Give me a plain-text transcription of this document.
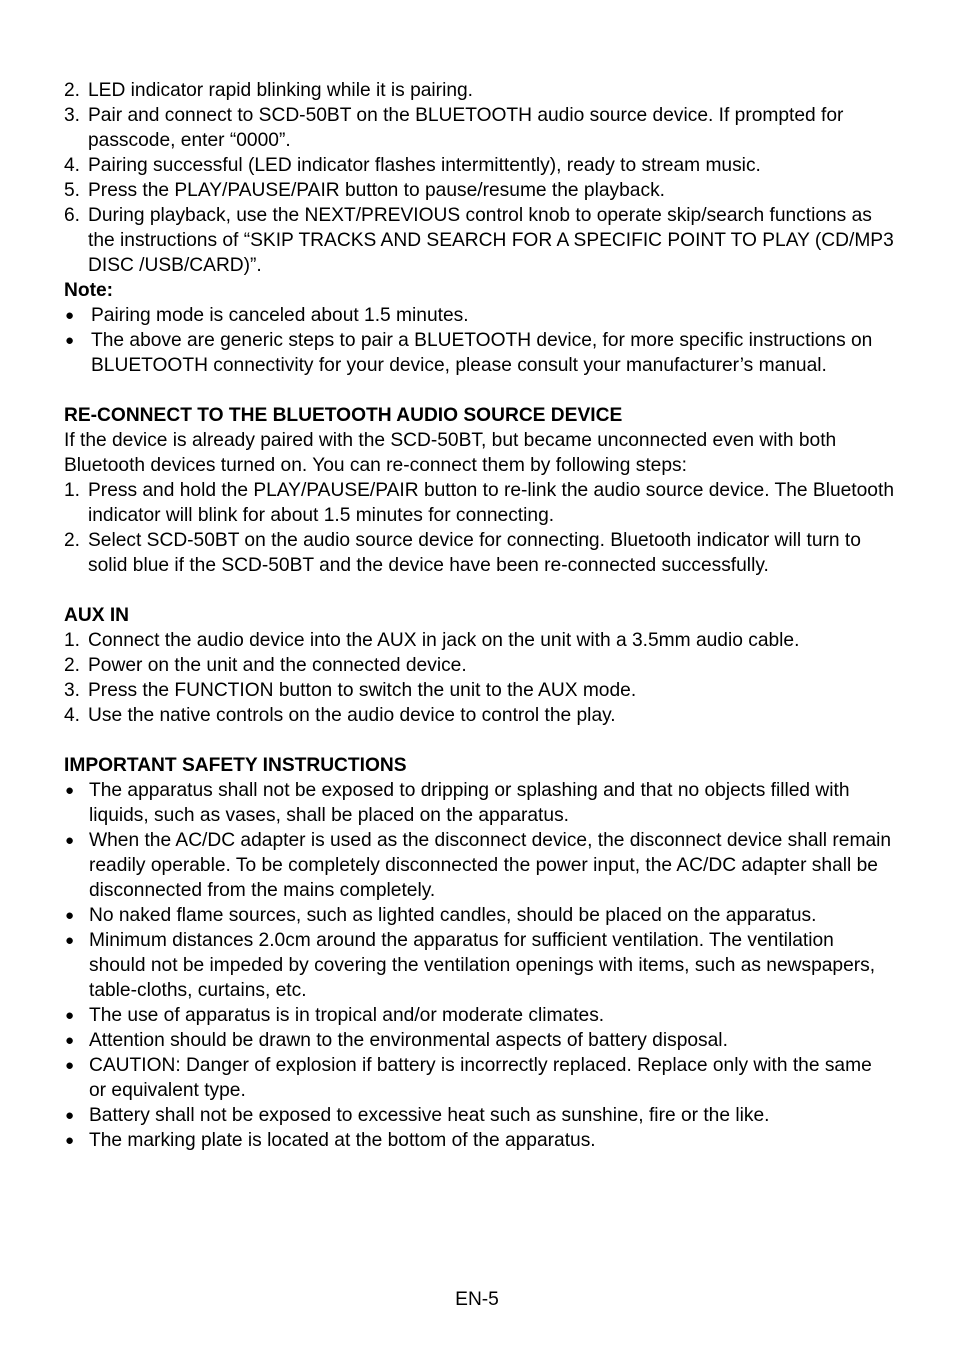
2. LED indicator rapid blinking while it is pairing.
3. Pair and connect to SCD-50BT on the BLUETOOTH audio source device. If prompted for passcode, enter “0000”.
4. Pairing successful (LED indicator flashes intermittently), ready to stream music.
5. Press the PLAY/PAUSE/PAIR button to pause/resume the playback.
6. During playback, use the NEXT/PREVIOUS control knob to operate skip/search functions as the instructions of “SKIP TRACKS AND SEARCH FOR A SPECIFIC POINT TO PLAY (CD/MP3 DISC /USB/CARD)”.
Note:
● Pairing mode is canceled about 1.5 minutes.
● The above are generic steps to pair a BLUETOOTH device, for more specific instructions on BLUETOOTH connectivity for your device, please consult your manufacturer’s manual.
RE-CONNECT TO THE BLUETOOTH AUDIO SOURCE DEVICE
If the device is already paired with the SCD-50BT, but became unconnected even with both Bluetooth devices turned on. You can re-connect them by following steps:
1. Press and hold the PLAY/PAUSE/PAIR button to re-link the audio source device. The Bluetooth indicator will blink for about 1.5 minutes for connecting.
2. Select SCD-50BT on the audio source device for connecting. Bluetooth indicator will turn to solid blue if the SCD-50BT and the device have been re-connected successfully.
AUX IN
1. Connect the audio device into the AUX in jack on the unit with a 3.5mm audio cable.
2. Power on the unit and the connected device.
3. Press the FUNCTION button to switch the unit to the AUX mode.
4. Use the native controls on the audio device to control the play.
IMPORTANT SAFETY INSTRUCTIONS
● The apparatus shall not be exposed to dripping or splashing and that no objects filled with liquids, such as vases, shall be placed on the apparatus.
● When the AC/DC adapter is used as the disconnect device, the disconnect device shall remain readily operable. To be completely disconnected the power input, the AC/DC adapter shall be disconnected from the mains completely.
● No naked flame sources, such as lighted candles, should be placed on the apparatus.
● Minimum distances 2.0cm around the apparatus for sufficient ventilation. The ventilation should not be impeded by covering the ventilation openings with items, such as newspapers, table-cloths, curtains, etc.
● The use of apparatus is in tropical and/or moderate climates.
● Attention should be drawn to the environmental aspects of battery disposal.
● CAUTION: Danger of explosion if battery is incorrectly replaced. Replace only with the same or equivalent type.
● Battery shall not be exposed to excessive heat such as sunshine, fire or the like.
● The marking plate is located at the bottom of the apparatus.
EN-5
